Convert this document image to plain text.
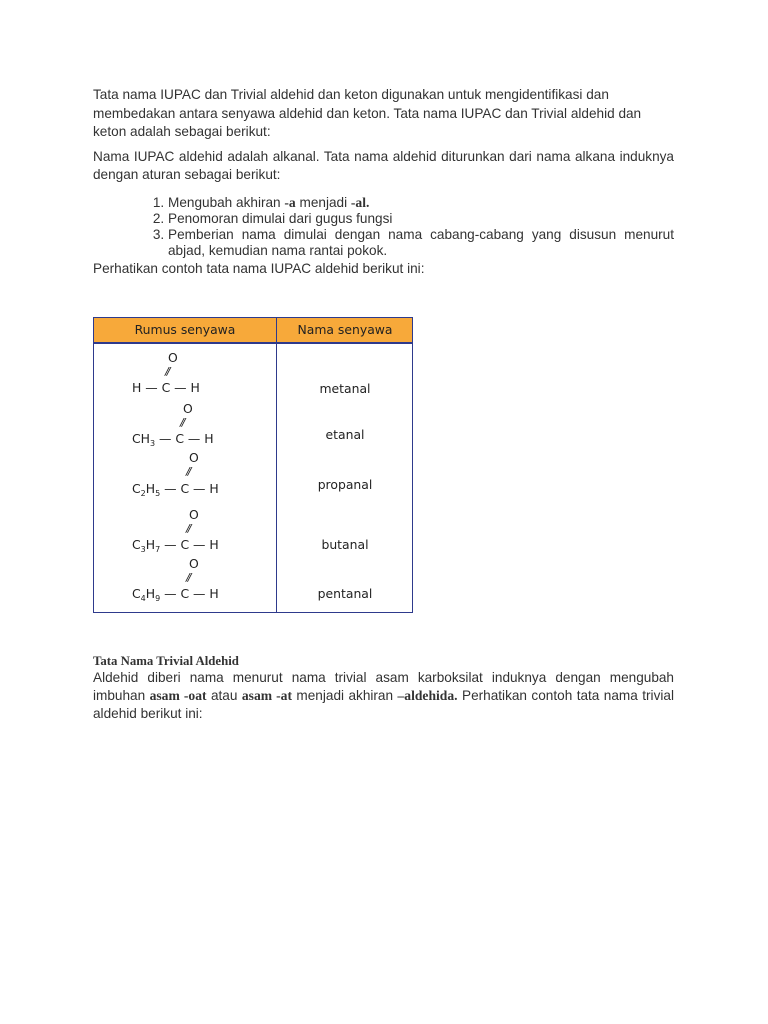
Tata nama IUPAC dan Trivial aldehid dan keton digunakan untuk mengidentifikasi dan membedakan antara senyawa aldehid dan keton. Tata nama IUPAC dan Trivial aldehid dan keton adalah sebagai berikut:

Nama IUPAC aldehid adalah alkanal. Tata nama aldehid diturunkan dari nama alkana induknya dengan aturan sebagai berikut:

1. Mengubah akhiran -a menjadi -al.
2. Penomoran dimulai dari gugus fungsi
3. Pemberian nama dimulai dengan nama cabang-cabang yang disusun menurut abjad, kemudian nama rantai pokok.

Perhatikan contoh tata nama IUPAC aldehid berikut ini:

Rumus senyawa	Nama senyawa
O
//
H — C — H	metanal
O
//
$CH_3$ — C — H	etanal
O
//
$C_2H_5$ — C — H	propanal
O
//
$C_3H_7$ — C — H	butanal
O
//
$C_4H_9$ — C — H	pentanal

Tata Nama Trivial Aldehid

Aldehid diberi nama menurut nama trivial asam karboksilat induknya dengan mengubah imbuhan asam -oat atau asam -at menjadi akhiran –aldehida. Perhatikan contoh tata nama trivial aldehid berikut ini:
